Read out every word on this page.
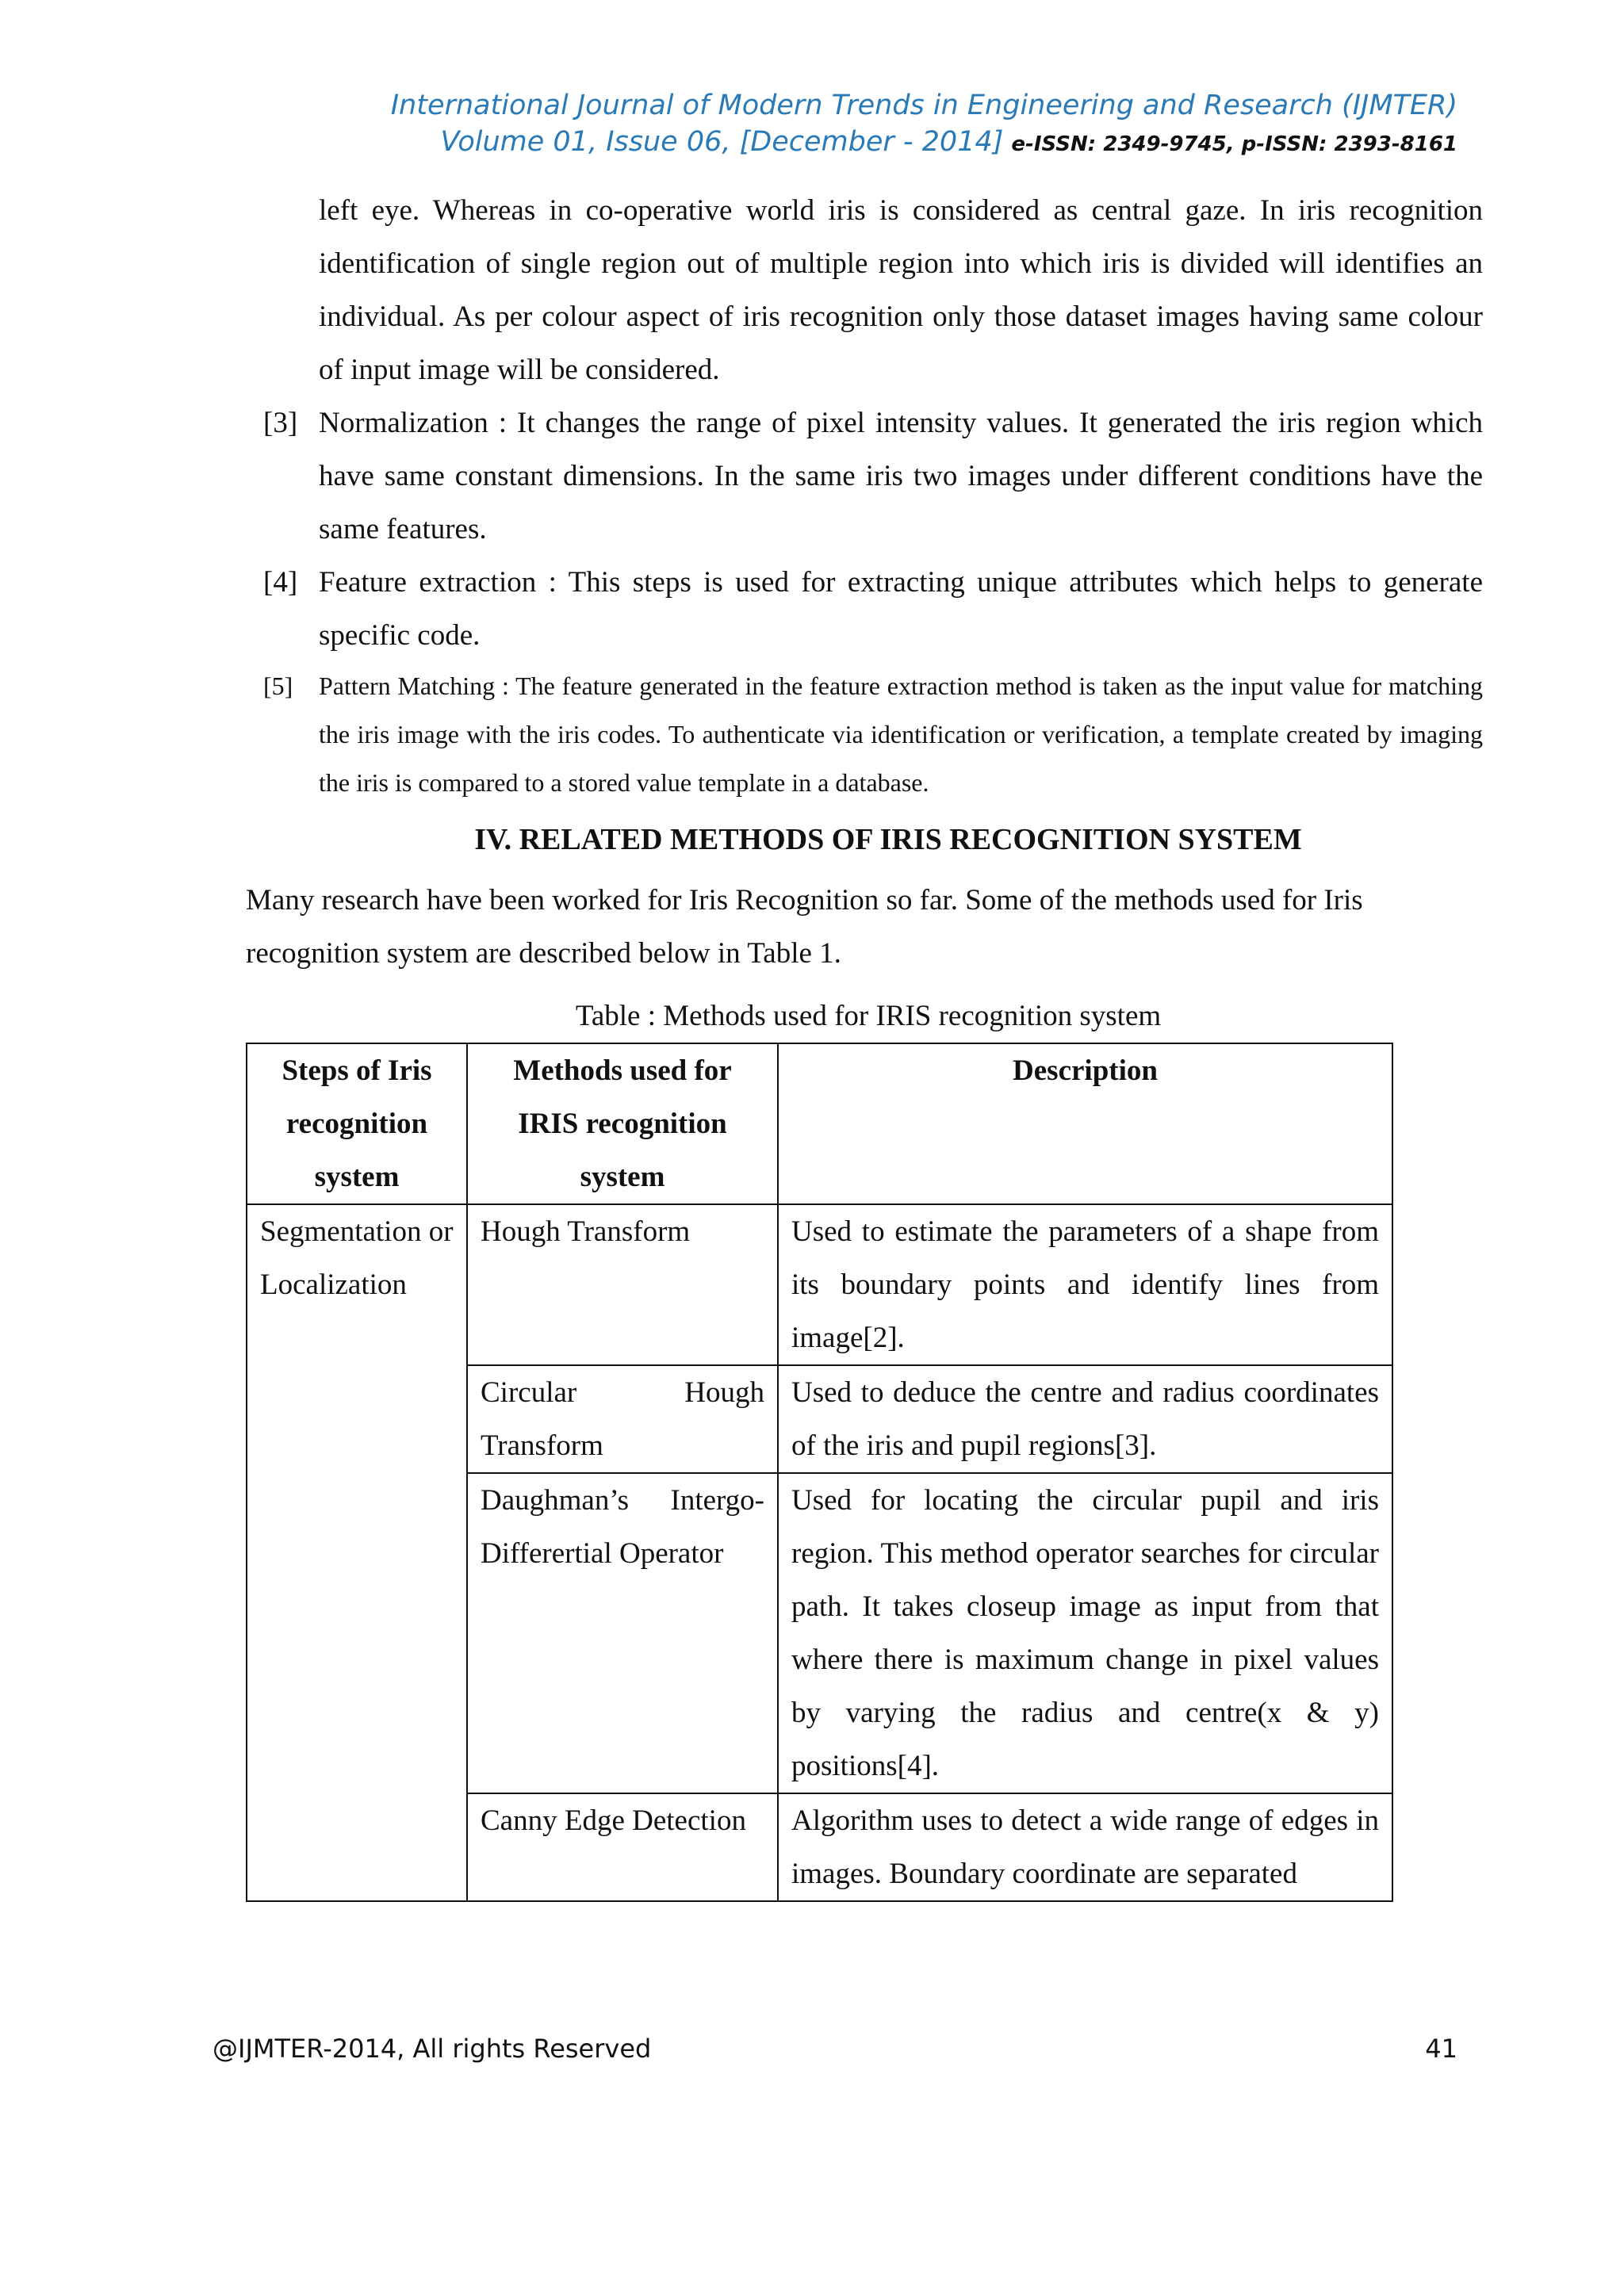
International Journal of Modern Trends in Engineering and Research (IJMTER)
Volume 01, Issue 06, [December - 2014] e-ISSN: 2349-9745, p-ISSN: 2393-8161

left eye. Whereas in co-operative world iris is considered as central gaze. In iris recognition identification of single region out of multiple region into which iris is divided will identifies an individual. As per colour aspect of iris recognition only those dataset images having same colour of input image will be considered.

[3] Normalization : It changes the range of pixel intensity values. It generated the iris region which have same constant dimensions. In the same iris two images under different conditions have the same features.

[4] Feature extraction : This steps is used for extracting unique attributes which helps to generate specific code.

[5] Pattern Matching : The feature generated in the feature extraction method is taken as the input value for matching the iris image with the iris codes. To authenticate via identification or verification, a template created by imaging the iris is compared to a stored value template in a database.

IV. RELATED METHODS OF IRIS RECOGNITION SYSTEM

Many research have been worked for Iris Recognition so far. Some of the methods used for Iris recognition system are described below in Table 1.

Table : Methods used for IRIS recognition system

Steps of Iris recognition system	Methods used for IRIS recognition system	Description
Segmentation or Localization	Hough Transform	Used to estimate the parameters of a shape from its boundary points and identify lines from image[2].
	Circular Hough Transform	Used to deduce the centre and radius coordinates of the iris and pupil regions[3].
	Daughman’s Intergo-Differertial Operator	Used for locating the circular pupil and iris region. This method operator searches for circular path. It takes closeup image as input from that where there is maximum change in pixel values by varying the radius and centre(x & y) positions[4].
	Canny Edge Detection	Algorithm uses to detect a wide range of edges in images. Boundary coordinate are separated
@IJMTER-2014, All rights Reserved	41
